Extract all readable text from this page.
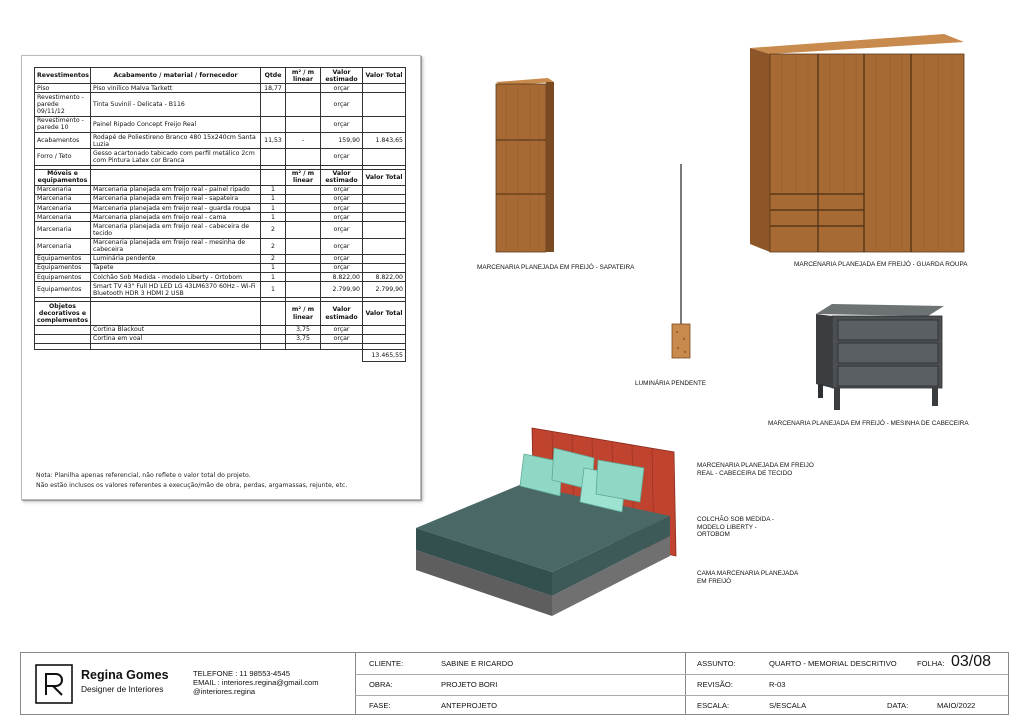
Revestimentos	Acabamento / material / fornecedor	Qtde	m² / m linear	Valor estimado	Valor Total
Piso	Piso vinílico Malva Tarkett	18,77		orçar	
Revestimento - parede 09/11/12	Tinta Suvinil - Delicata - B116			orçar	
Revestimento - parede 10	Painel Ripado Concept Freijo Real			orçar	
Acabamentos	Rodapé de Poliestireno Branco 480 15x240cm Santa Luzia	11,53	-	159,90	1.843,65
Forro / Teto	Gesso acartonado tabicado com perfil metálico 2cm com Pintura Latex cor Branca			orçar	

Móveis e equipamentos			m² / m linear	Valor estimado	Valor Total
Marcenaria	Marcenaria planejada em freijo real - painel ripado	1		orçar	
Marcenaria	Marcenaria planejada em freijo real - sapateira	1		orçar	
Marcenaria	Marcenaria planejada em freijo real - guarda roupa	1		orçar	
Marcenaria	Marcenaria planejada em freijo real - cama	1		orçar	
Marcenaria	Marcenaria planejada em freijo real - cabeceira de tecido	2		orçar	
Marcenaria	Marcenaria planejada em freijo real - mesinha de cabeceira	2		orçar	
Equipamentos	Luminária pendente	2		orçar	
Equipamentos	Tapete	1		orçar	
Equipamentos	Colchão Sob Medida - modelo Liberty - Ortobom	1		8.822,00	8.822,00
Equipamentos	Smart TV 43" Full HD LED LG 43LM6370 60Hz - Wi-Fi Bluetooth HDR 3 HDMI 2 USB	1		2.799,90	2.799,90

Objetos decorativos e complementos			m² / m linear	Valor estimado	Valor Total
	Cortina Blackout		3,75	orçar	
	Cortina em voal		3,75	orçar	

					13.465,55
Nota: Planilha apenas referencial, não reflete o valor total do projeto.
Não estão inclusos os valores referentes a execução/mão de obra, perdas, argamassas, rejunte, etc.
MARCENARIA PLANEJADA EM FREIJÓ - SAPATEIRA	MARCENARIA PLANEJADA EM FREIJÓ - GUARDA ROUPA
LUMINÁRIA PENDENTE
MARCENARIA PLANEJADA EM FREIJÓ - MESINHA DE CABECEIRA
MARCENARIA PLANEJADA EM FREIJO
REAL - CABECEIRA DE TECIDO
COLCHÃO SOB MEDIDA -
MODELO LIBERTY -
ORTOBOM
CAMA MARCENARIA PLANEJADA
EM FREIJÓ
Regina Gomes
Designer de Interiores
TELEFONE : 11 98553-4545
EMAIL : interiores.regina@gmail.com
@interiores.regina
CLIENTE:	SABINE E RICARDO
OBRA:	PROJETO BORI
FASE:	ANTEPROJETO
ASSUNTO:	QUARTO - MEMORIAL DESCRITIVO	FOLHA: 03/08
REVISÃO:	R-03
ESCALA:	S/ESCALA	DATA:	MAIO/2022
